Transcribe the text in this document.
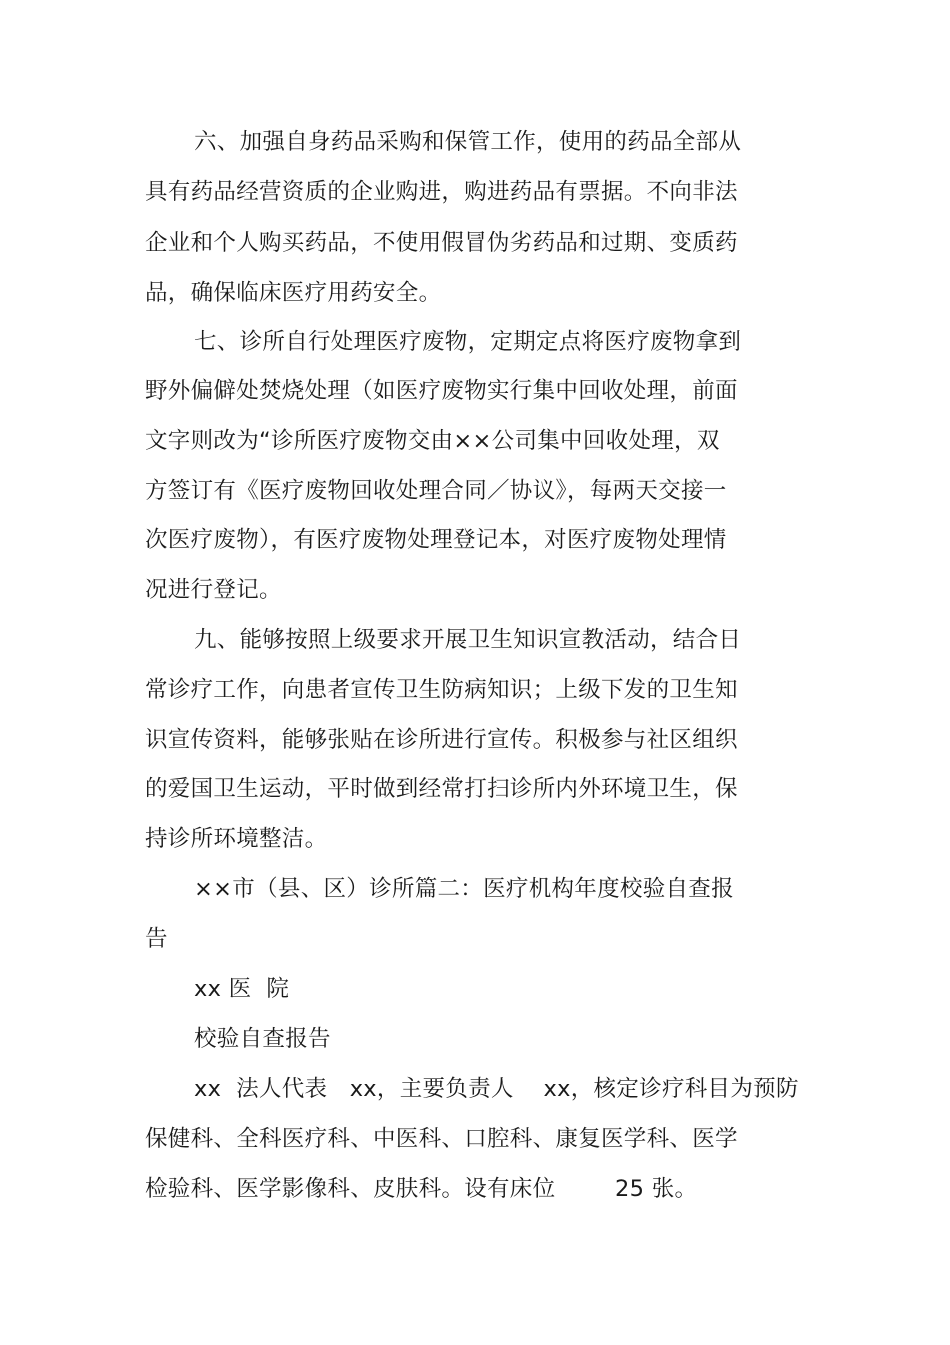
六、加强自身药品采购和保管工作，使用的药品全部从
具有药品经营资质的企业购进，购进药品有票据。不向非法
企业和个人购买药品，不使用假冒伪劣药品和过期、变质药
品，确保临床医疗用药安全。
七、诊所自行处理医疗废物，定期定点将医疗废物拿到
野外偏僻处焚烧处理（如医疗废物实行集中回收处理，前面
文字则改为“诊所医疗废物交由××公司集中回收处理，双
方签订有《医疗废物回收处理合同／协议》，每两天交接一
次医疗废物），有医疗废物处理登记本，对医疗废物处理情
况进行登记。
九、能够按照上级要求开展卫生知识宣教活动，结合日
常诊疗工作，向患者宣传卫生防病知识；上级下发的卫生知
识宣传资料，能够张贴在诊所进行宣传。积极参与社区组织
的爱国卫生运动，平时做到经常打扫诊所内外环境卫生，保
持诊所环境整洁。
××市（县、区）诊所篇二：医疗机构年度校验自查报
告
xx 医  院
校验自查报告
xx  法人代表   xx，主要负责人    xx，核定诊疗科目为预防
保健科、全科医疗科、中医科、口腔科、康复医学科、医学
检验科、医学影像科、皮肤科。设有床位        25 张。
